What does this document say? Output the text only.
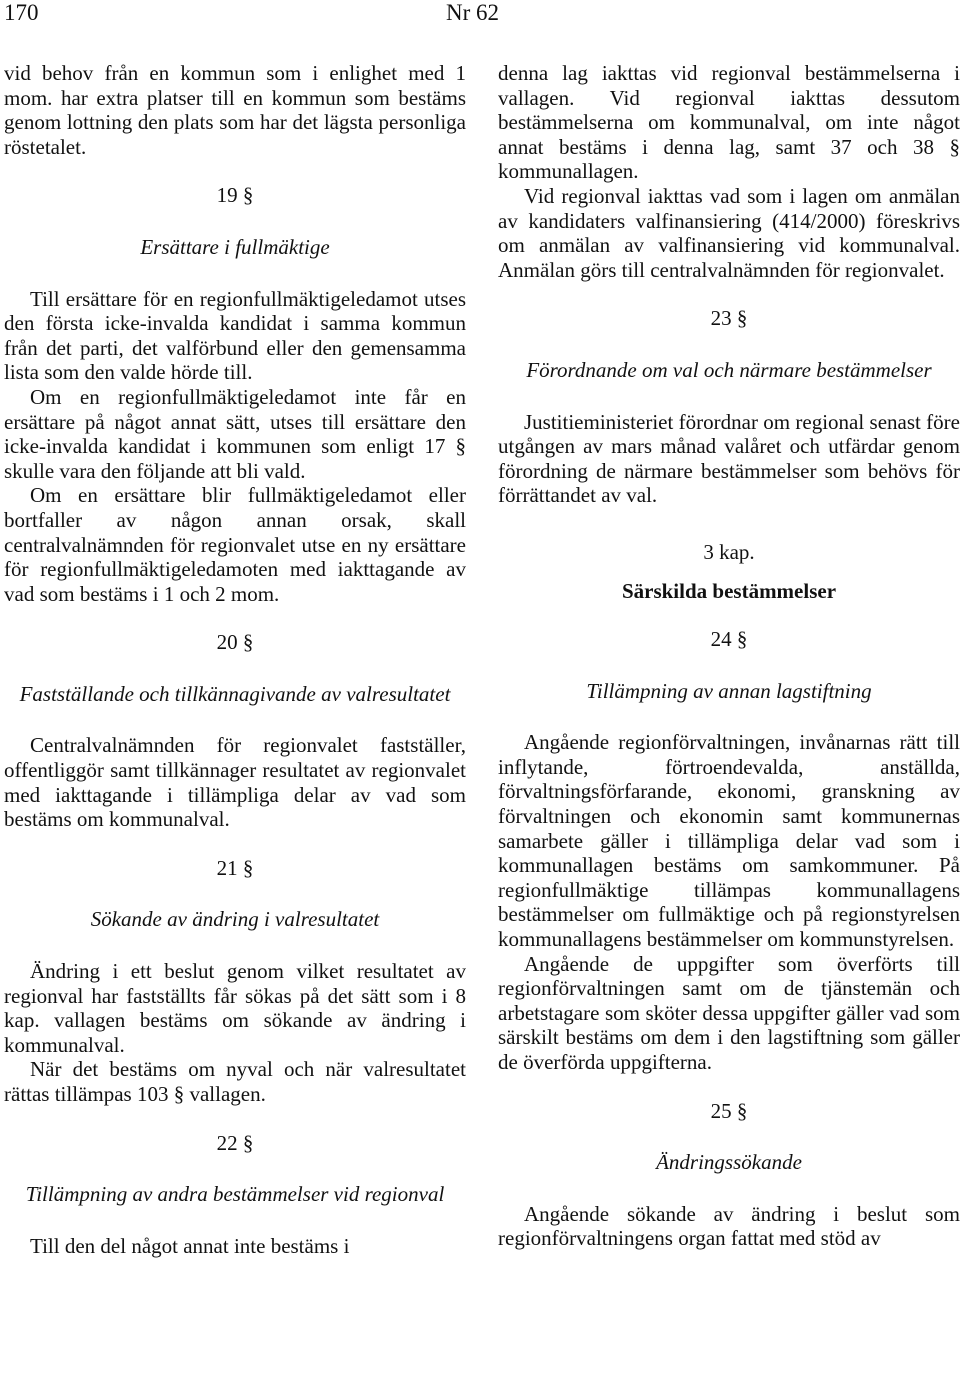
170	Nr 62

vid behov från en kommun som i enlighet med 1 mom. har extra platser till en kommun som bestäms genom lottning den plats som har det lägsta personliga röstetalet.

19 §
Ersättare i fullmäktige

Till ersättare för en regionfullmäktigeledamot utses den första icke-invalda kandidat i samma kommun från det parti, det valförbund eller den gemensamma lista som den valde hörde till.

Om en regionfullmäktigeledamot inte får en ersättare på något annat sätt, utses till ersättare den icke-invalda kandidat i kommunen som enligt 17 § skulle vara den följande att bli vald.

Om en ersättare blir fullmäktigeledamot eller bortfaller av någon annan orsak, skall centralvalnämnden för regionvalet utse en ny ersättare för regionfullmäktigeledamoten med iakttagande av vad som bestäms i 1 och 2 mom.

20 §
Fastställande och tillkännagivande av valresultatet

Centralvalnämnden för regionvalet fastställer, offentliggör samt tillkännager resultatet av regionvalet med iakttagande i tillämpliga delar av vad som bestäms om kommunalval.

21 §
Sökande av ändring i valresultatet

Ändring i ett beslut genom vilket resultatet av regionval har fastställts får sökas på det sätt som i 8 kap. vallagen bestäms om sökande av ändring i kommunalval.

När det bestäms om nyval och när valresultatet rättas tillämpas 103 § vallagen.

22 §
Tillämpning av andra bestämmelser vid regionval

Till den del något annat inte bestäms i

denna lag iakttas vid regionval bestämmelserna i vallagen. Vid regionval iakttas dessutom bestämmelserna om kommunalval, om inte något annat bestäms i denna lag, samt 37 och 38 § kommunallagen.

Vid regionval iakttas vad som i lagen om anmälan av kandidaters valfinansiering (414/2000) föreskrivs om anmälan av valfinansiering vid kommunalval. Anmälan görs till centralvalnämnden för regionvalet.

23 §
Förordnande om val och närmare bestämmelser

Justitieministeriet förordnar om regional senast före utgången av mars månad valåret och utfärdar genom förordning de närmare bestämmelser som behövs för förrättandet av val.

3 kap.
Särskilda bestämmelser
24 §
Tillämpning av annan lagstiftning

Angående regionförvaltningen, invånarnas rätt till inflytande, förtroendevalda, anställda, förvaltningsförfarande, ekonomi, granskning av förvaltningen och ekonomin samt kommunernas samarbete gäller i tillämpliga delar vad som i kommunallagen bestäms om samkommuner. På regionfullmäktige tillämpas kommunallagens bestämmelser om fullmäktige och på regionstyrelsen kommunallagens bestämmelser om kommunstyrelsen.

Angående de uppgifter som överförts till regionförvaltningen samt om de tjänstemän och arbetstagare som sköter dessa uppgifter gäller vad som särskilt bestäms om dem i den lagstiftning som gäller de överförda uppgifterna.

25 §
Ändringssökande

Angående sökande av ändring i beslut som regionförvaltningens organ fattat med stöd av
